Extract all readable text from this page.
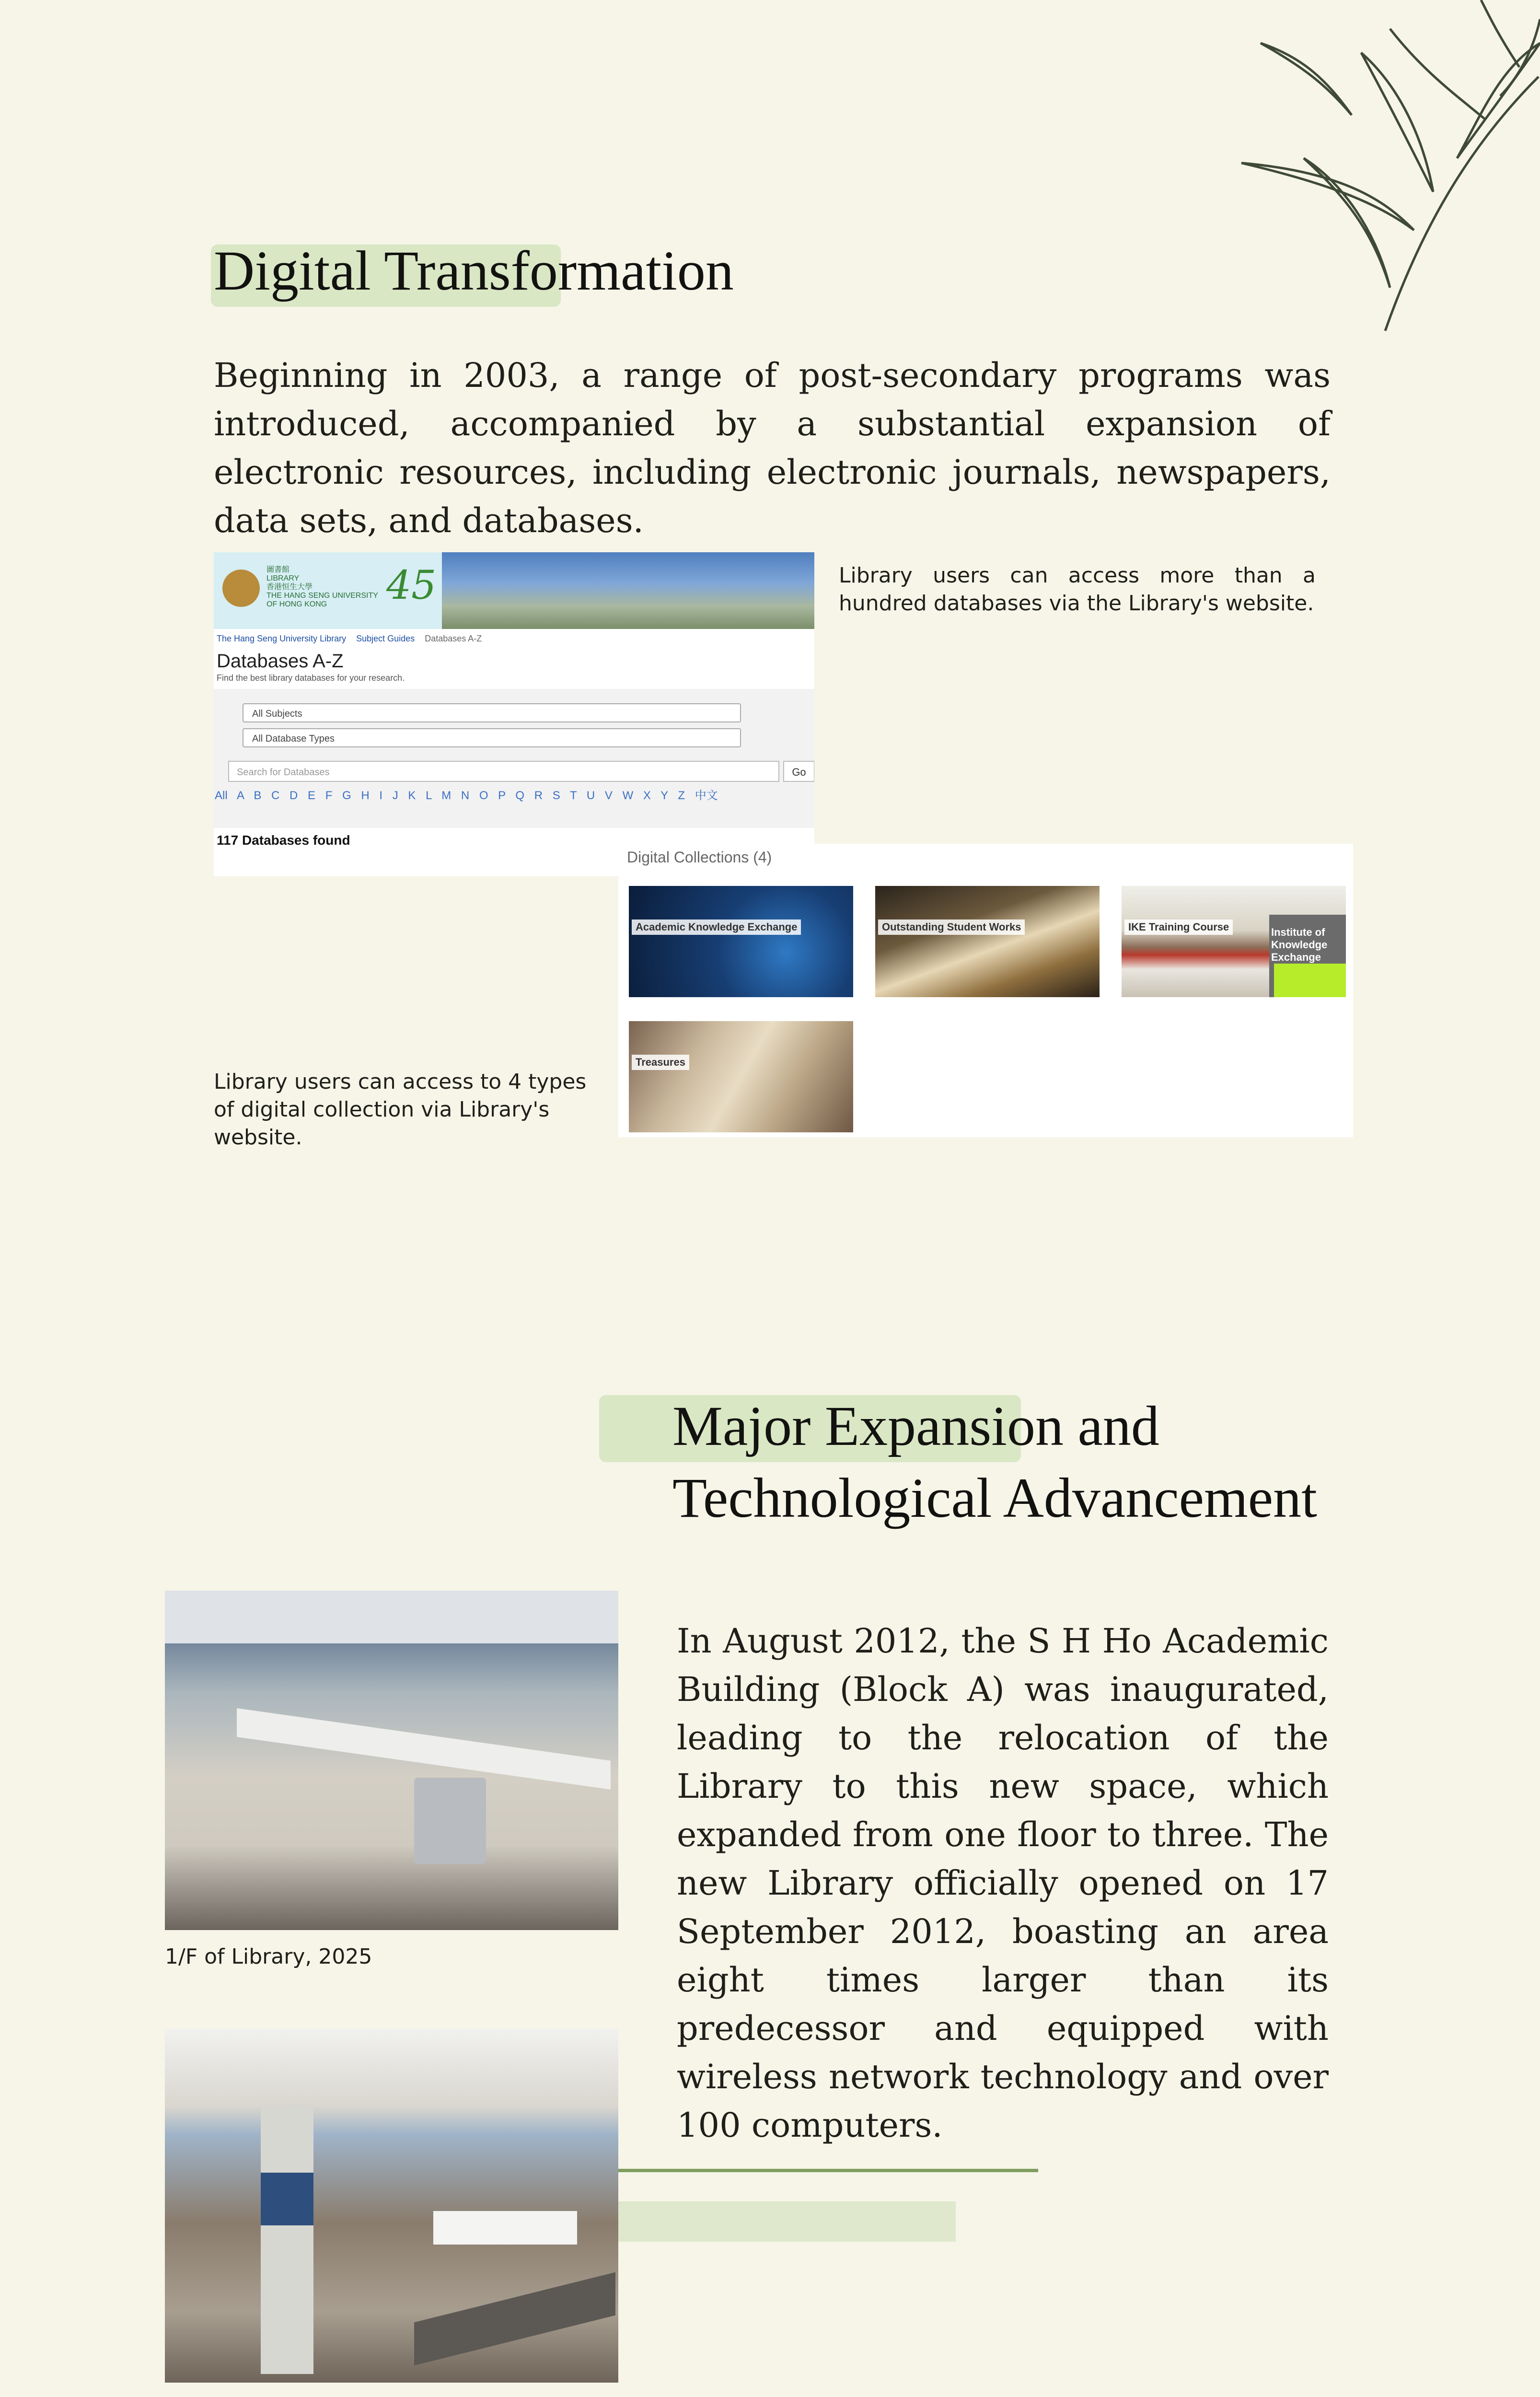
Digital Transformation

Beginning in 2003, a range of post-secondary programs was introduced, accompanied by a substantial expansion of electronic resources, including electronic journals, newspapers, data sets, and databases.

圖書館
LIBRARY
香港恒生大學
THE HANG SENG UNIVERSITY
OF HONG KONG	45
The Hang Seng University Library Subject Guides Databases A-Z
Databases A-Z
Find the best library databases for your research.
All Subjects
All Database Types
Search for Databases	Go
All A B C D E F G H I J K L M N O P Q R S T U V W X Y Z 中文
117 Databases found

Library users can access more than a hundred databases via the Library's website.

Digital Collections (4)
Academic Knowledge Exchange	Outstanding Student Works	Institute of Knowledge Exchange
IKE Training Course
Treasures

Library users can access to 4 types of digital collection via Library's website.

Major Expansion and
Technological Advancement

1/F of Library, 2025

In August 2012, the S H Ho Academic Building (Block A) was inaugurated, leading to the relocation of the Library to this new space, which expanded from one floor to three. The new Library officially opened on 17 September 2012, boasting an area eight times larger than its predecessor and equipped with wireless network technology and over 100 computers.
